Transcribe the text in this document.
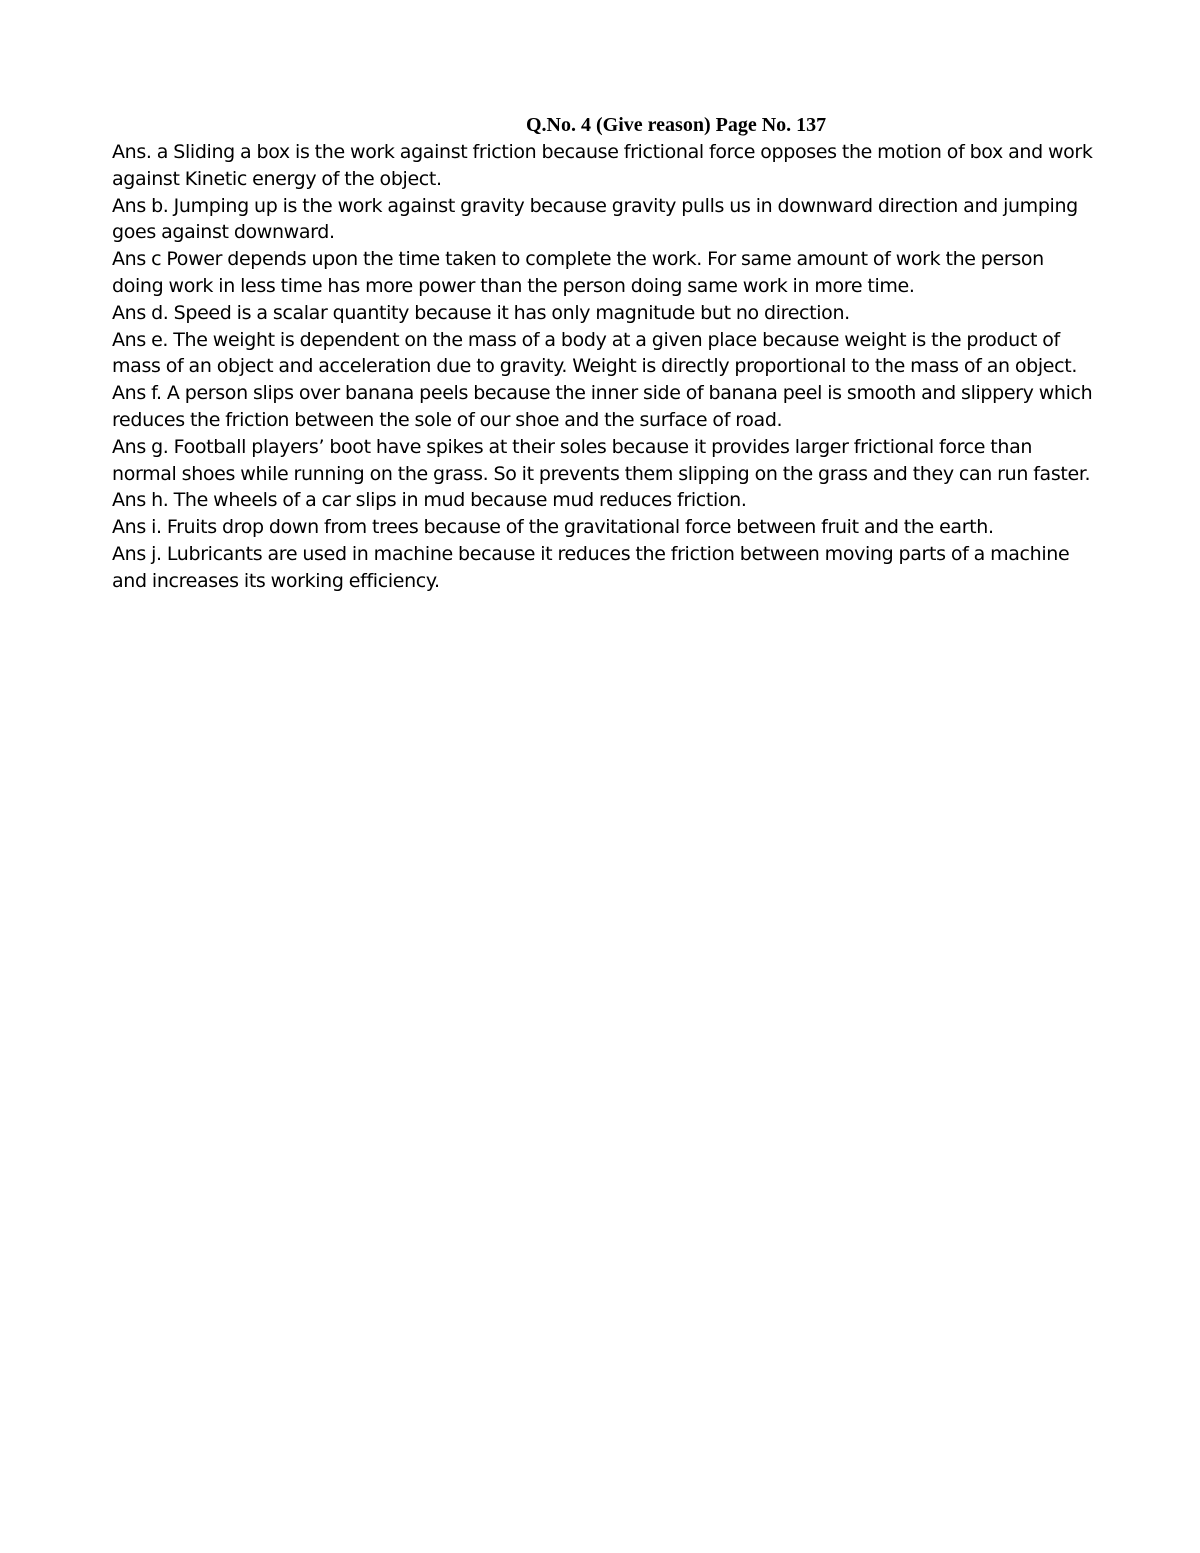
Q.No. 4 (Give reason) Page No. 137

Ans. a Sliding a box is the work against friction because frictional force opposes the motion of box and work against Kinetic energy of the object.
Ans b. Jumping up is the work against gravity because gravity pulls us in downward direction and jumping goes against downward.
Ans c Power depends upon the time taken to complete the work. For same amount of work the person doing work in less time has more power than the person doing same work in more time.
Ans d. Speed is a scalar quantity because it has only magnitude but no direction.
Ans e. The weight is dependent on the mass of a body at a given place because weight is the product of mass of an object and acceleration due to gravity. Weight is directly proportional to the mass of an object.
Ans f. A person slips over banana peels because the inner side of banana peel is smooth and slippery which reduces the friction between the sole of our shoe and the surface of road.
Ans g. Football players’ boot have spikes at their soles because it provides larger frictional force than normal shoes while running on the grass. So it prevents them slipping on the grass and they can run faster.
Ans h. The wheels of a car slips in mud because mud reduces friction.
Ans i. Fruits drop down from trees because of the gravitational force between fruit and the earth.
Ans j. Lubricants are used in machine because it reduces the friction between moving parts of a machine and increases its working efficiency.
